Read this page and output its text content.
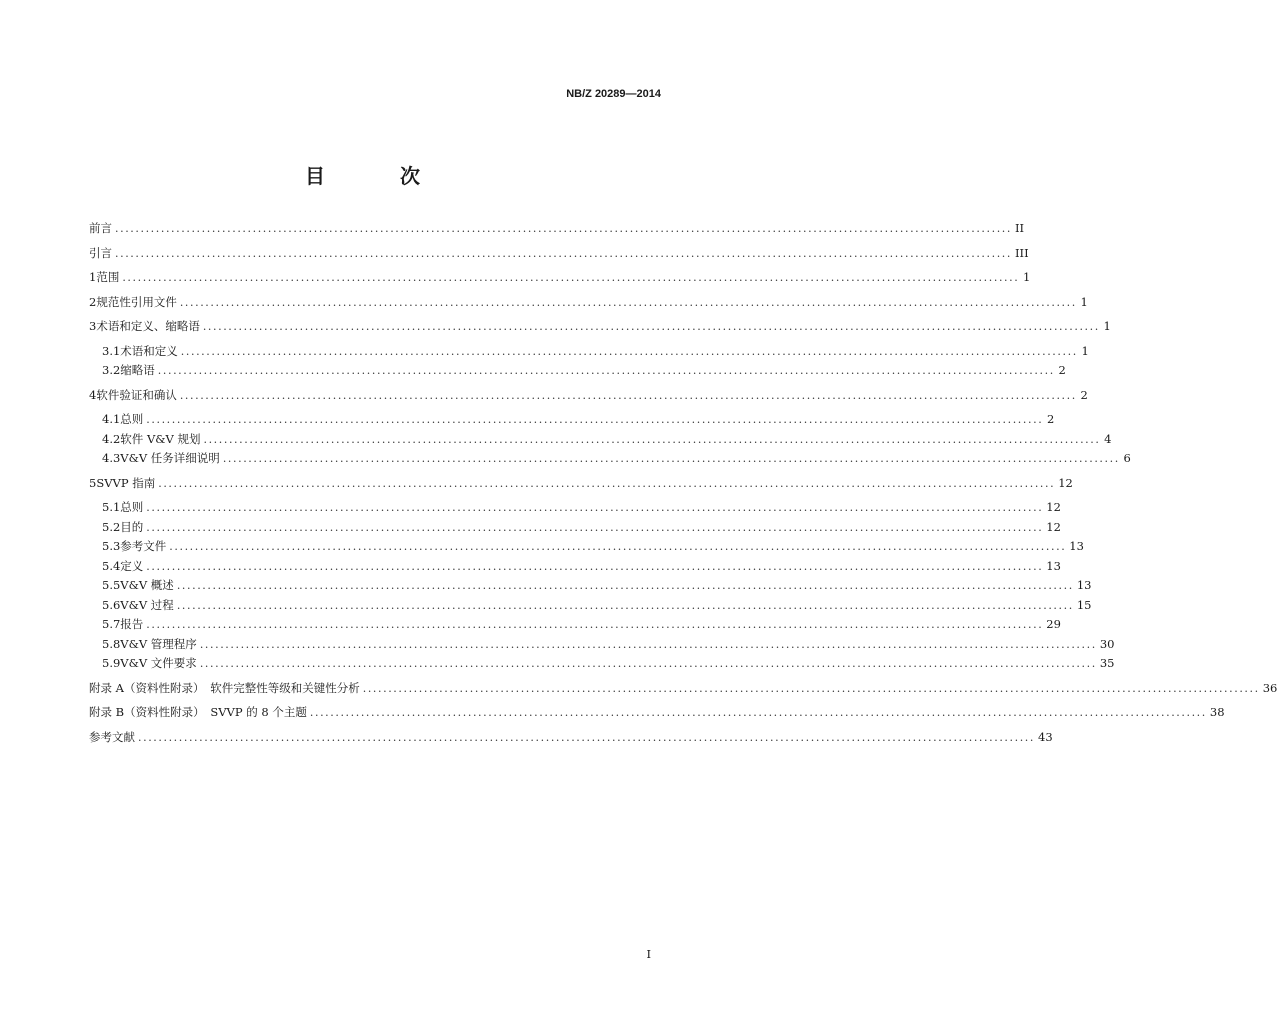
NB/Z 20289—2014
目 次
前言 ................................................................................................................................................................................ II
引言 ................................................................................................................................................................................ III
1 范围 ................................................................................................................................................................................ 1
2 规范性引用文件 ................................................................................................................................................................................ 1
3 术语和定义、缩略语 ................................................................................................................................................................................ 1
3.1 术语和定义 ................................................................................................................................................................................ 1
3.2 缩略语 ................................................................................................................................................................................ 2
4 软件验证和确认 ................................................................................................................................................................................ 2
4.1 总则 ................................................................................................................................................................................ 2
4.2 软件 V&V 规划 ................................................................................................................................................................................ 4
4.3 V&V 任务详细说明 ................................................................................................................................................................................ 6
5 SVVP 指南 ................................................................................................................................................................................ 12
5.1 总则 ................................................................................................................................................................................ 12
5.2 目的 ................................................................................................................................................................................ 12
5.3 参考文件 ................................................................................................................................................................................ 13
5.4 定义 ................................................................................................................................................................................ 13
5.5 V&V 概述 ................................................................................................................................................................................ 13
5.6 V&V 过程 ................................................................................................................................................................................ 15
5.7 报告 ................................................................................................................................................................................ 29
5.8 V&V 管理程序 ................................................................................................................................................................................ 30
5.9 V&V 文件要求 ................................................................................................................................................................................ 35
附录 A（资料性附录）　软件完整性等级和关键性分析 ................................................................................................................................................................................ 36
附录 B（资料性附录）　SVVP 的 8 个主题 ................................................................................................................................................................................ 38
参考文献 ................................................................................................................................................................................ 43
I
